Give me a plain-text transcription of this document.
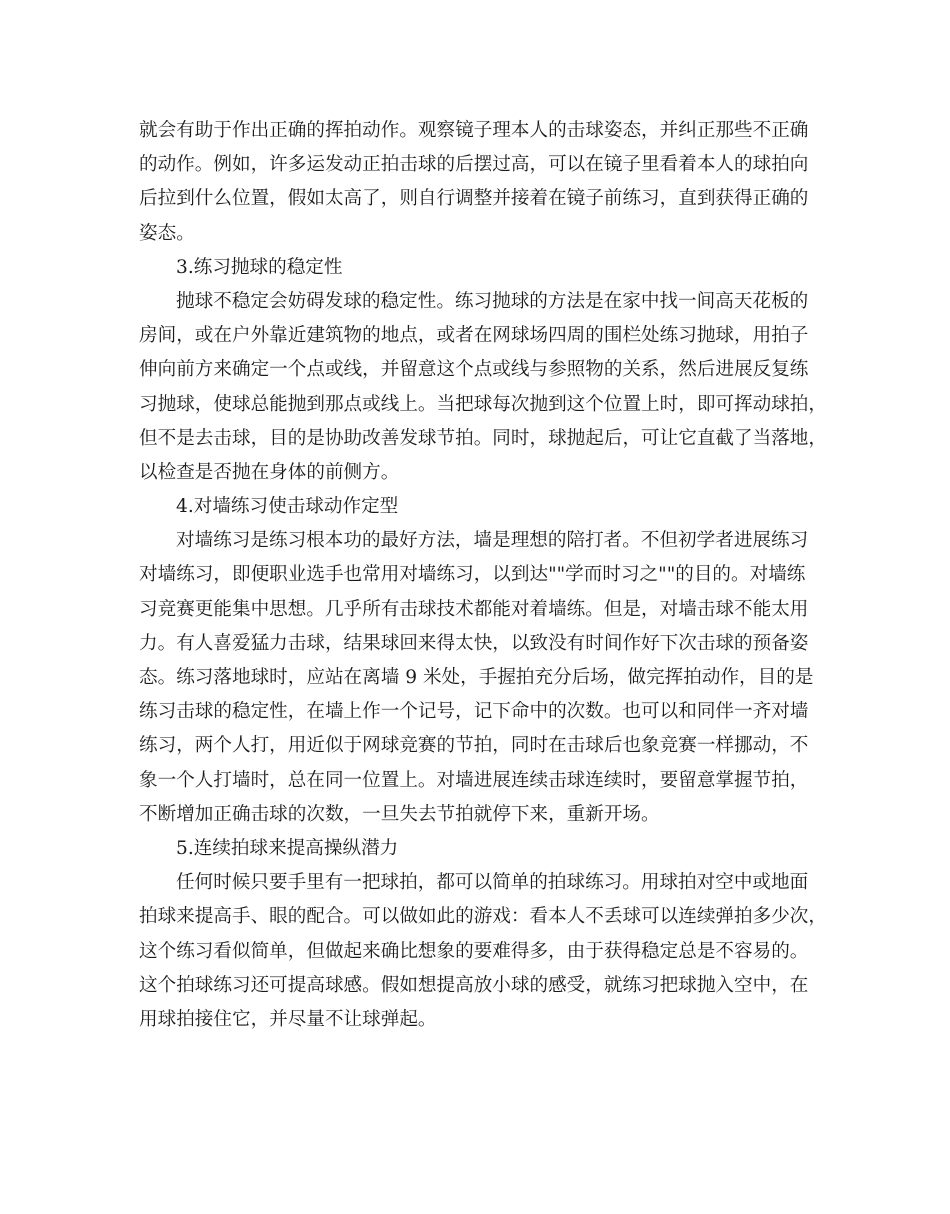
就会有助于作出正确的挥拍动作。观察镜子理本人的击球姿态，并纠正那些不正确
的动作。例如，许多运发动正拍击球的后摆过高，可以在镜子里看着本人的球拍向
后拉到什么位置，假如太高了，则自行调整并接着在镜子前练习，直到获得正确的
姿态。
3.练习抛球的稳定性
抛球不稳定会妨碍发球的稳定性。练习抛球的方法是在家中找一间高天花板的
房间，或在户外靠近建筑物的地点，或者在网球场四周的围栏处练习抛球，用拍子
伸向前方来确定一个点或线，并留意这个点或线与参照物的关系，然后进展反复练
习抛球，使球总能抛到那点或线上。当把球每次抛到这个位置上时，即可挥动球拍，
但不是去击球，目的是协助改善发球节拍。同时，球抛起后，可让它直截了当落地，
以检查是否抛在身体的前侧方。
4.对墙练习使击球动作定型
对墙练习是练习根本功的最好方法，墙是理想的陪打者。不但初学者进展练习
对墙练习，即便职业选手也常用对墙练习，以到达""学而时习之""的目的。对墙练
习竞赛更能集中思想。几乎所有击球技术都能对着墙练。但是，对墙击球不能太用
力。有人喜爱猛力击球，结果球回来得太快，以致没有时间作好下次击球的预备姿
态。练习落地球时，应站在离墙 9 米处，手握拍充分后场，做完挥拍动作，目的是
练习击球的稳定性，在墙上作一个记号，记下命中的次数。也可以和同伴一齐对墙
练习，两个人打，用近似于网球竞赛的节拍，同时在击球后也象竞赛一样挪动，不
象一个人打墙时，总在同一位置上。对墙进展连续击球连续时，要留意掌握节拍，
不断增加正确击球的次数，一旦失去节拍就停下来，重新开场。
5.连续拍球来提高操纵潜力
任何时候只要手里有一把球拍，都可以简单的拍球练习。用球拍对空中或地面
拍球来提高手、眼的配合。可以做如此的游戏：看本人不丢球可以连续弹拍多少次，
这个练习看似简单，但做起来确比想象的要难得多，由于获得稳定总是不容易的。
这个拍球练习还可提高球感。假如想提高放小球的感受，就练习把球抛入空中，在
用球拍接住它，并尽量不让球弹起。
